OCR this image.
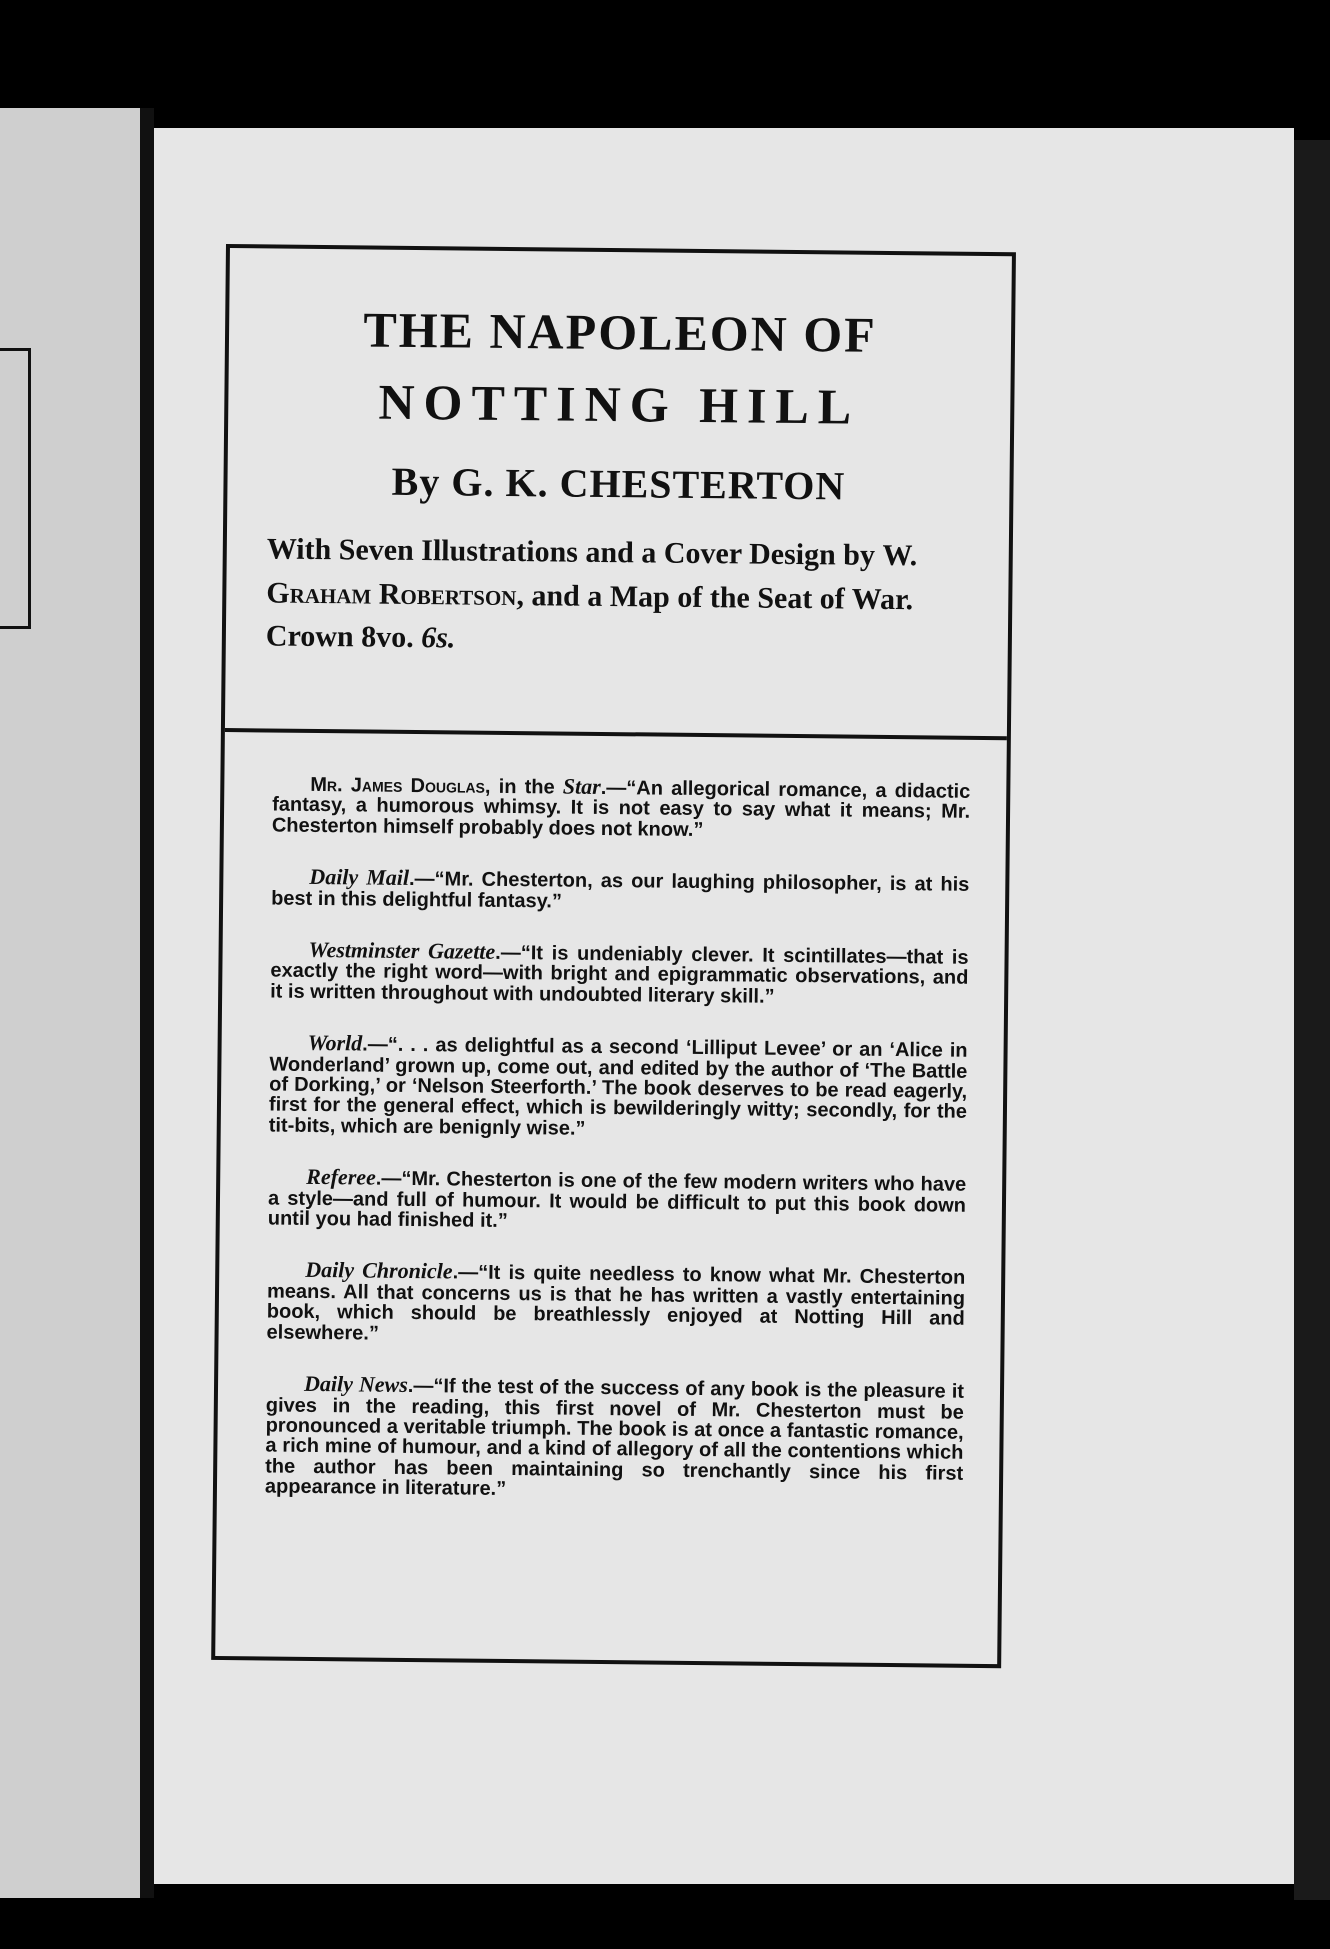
THE NAPOLEON OF
NOTTING HILL
By G. K. CHESTERTON
With Seven Illustrations and a Cover Design by W. Graham Robertson, and a Map of the Seat of War. Crown 8vo. 6s.

Mr. James Douglas, in the Star.—“An allegorical romance, a didactic fantasy, a humorous whimsy. It is not easy to say what it means; Mr. Chesterton himself probably does not know.”

Daily Mail.—“Mr. Chesterton, as our laughing philosopher, is at his best in this delightful fantasy.”

Westminster Gazette.—“It is undeniably clever. It scintillates—that is exactly the right word—with bright and epigrammatic observations, and it is written throughout with undoubted literary skill.”

World.—“. . . as delightful as a second ‘Lilliput Levee’ or an ‘Alice in Wonderland’ grown up, come out, and edited by the author of ‘The Battle of Dorking,’ or ‘Nelson Steerforth.’ The book deserves to be read eagerly, first for the general effect, which is bewilderingly witty; secondly, for the tit-bits, which are benignly wise.”

Referee.—“Mr. Chesterton is one of the few modern writers who have a style—and full of humour. It would be difficult to put this book down until you had finished it.”

Daily Chronicle.—“It is quite needless to know what Mr. Chesterton means. All that concerns us is that he has written a vastly entertaining book, which should be breathlessly enjoyed at Notting Hill and elsewhere.”

Daily News.—“If the test of the success of any book is the pleasure it gives in the reading, this first novel of Mr. Chesterton must be pronounced a veritable triumph. The book is at once a fantastic romance, a rich mine of humour, and a kind of allegory of all the contentions which the author has been maintaining so trenchantly since his first appearance in literature.”
